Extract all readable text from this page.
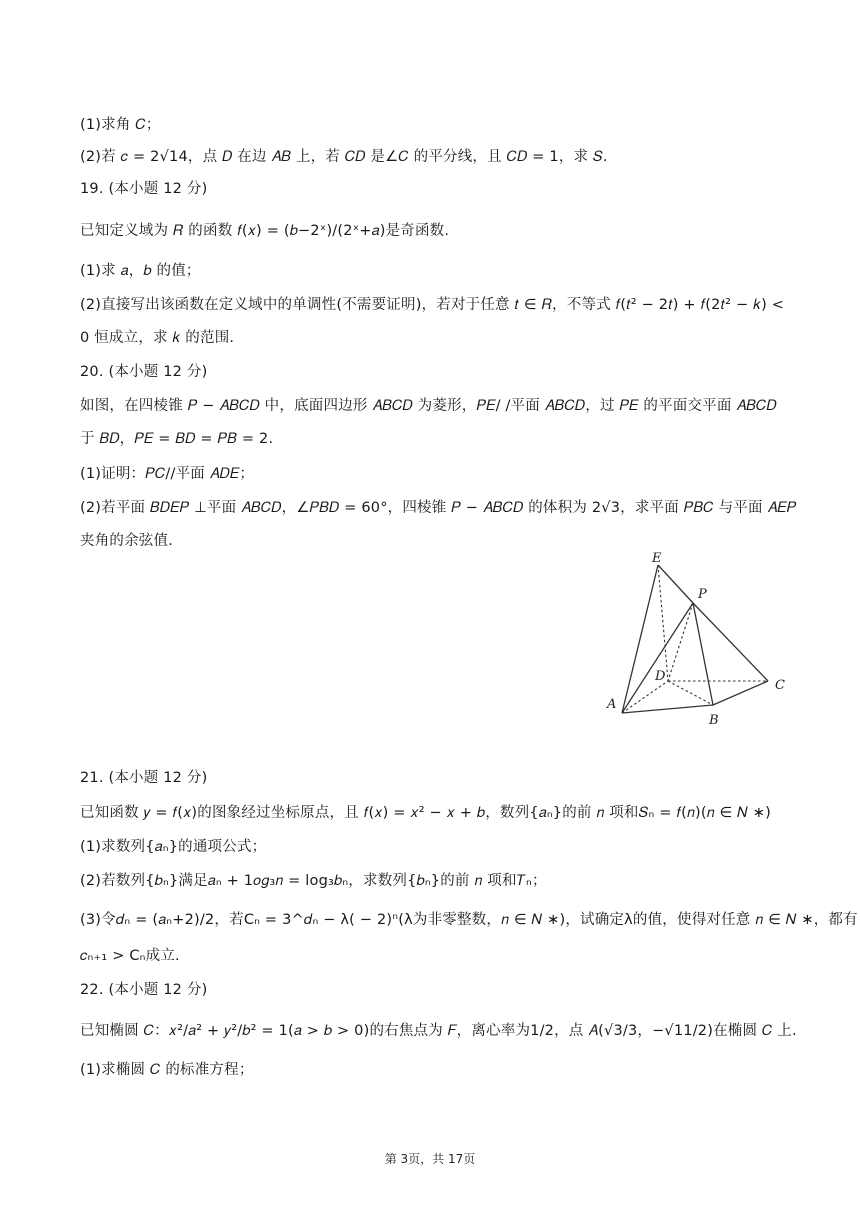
(1)求角 𝐶；
(2)若 𝑐 = 2√14，点 𝐷 在边 𝐴𝐵 上，若 𝐶𝐷 是∠𝐶 的平分线，且 𝐶𝐷 = 1，求 𝑆.
19. (本小题 12 分)
已知定义域为 𝑅 的函数 𝑓(𝑥) = (𝑏−2ˣ)/(2ˣ+𝑎)是奇函数.
(1)求 𝑎，𝑏 的值；
(2)直接写出该函数在定义域中的单调性(不需要证明)，若对于任意 𝑡 ∈ 𝑅，不等式 𝑓(𝑡² − 2𝑡) + 𝑓(2𝑡² − 𝑘) <
0 恒成立，求 𝑘 的范围.
20. (本小题 12 分)
如图，在四棱锥 𝑃 − 𝐴𝐵𝐶𝐷 中，底面四边形 𝐴𝐵𝐶𝐷 为菱形，𝑃𝐸/ /平面 𝐴𝐵𝐶𝐷，过 𝑃𝐸 的平面交平面 𝐴𝐵𝐶𝐷
于 𝐵𝐷，𝑃𝐸 = 𝐵𝐷 = 𝑃𝐵 = 2.
(1)证明：𝑃𝐶//平面 𝐴𝐷𝐸；
(2)若平面 𝐵𝐷𝐸𝑃 ⊥平面 𝐴𝐵𝐶𝐷，∠𝑃𝐵𝐷 = 60°，四棱锥 𝑃 − 𝐴𝐵𝐶𝐷 的体积为 2√3，求平面 𝑃𝐵𝐶 与平面 𝐴𝐸𝑃
夹角的余弦值.
E
P
D
C
A
B
21. (本小题 12 分)
已知函数 𝑦 = 𝑓(𝑥)的图象经过坐标原点，且 𝑓(𝑥) = 𝑥² − 𝑥 + 𝑏，数列{𝑎ₙ}的前 𝑛 项和𝑆ₙ = 𝑓(𝑛)(𝑛 ∈ 𝑁 ∗)
(1)求数列{𝑎ₙ}的通项公式；
(2)若数列{𝑏ₙ}满足𝑎ₙ + 1𝑜𝑔₃𝑛 = log₃𝑏ₙ，求数列{𝑏ₙ}的前 𝑛 项和𝑇ₙ；
(3)令𝑑ₙ = (𝑎ₙ+2)/2，若Cₙ = 3^𝑑ₙ − λ( − 2)ⁿ(λ为非零整数，𝑛 ∈ 𝑁 ∗)，试确定λ的值，使得对任意 𝑛 ∈ 𝑁 ∗，都有
𝑐ₙ₊₁ > Cₙ成立.
22. (本小题 12 分)
已知椭圆 𝐶：𝑥²/𝑎² + 𝑦²/𝑏² = 1(𝑎 > 𝑏 > 0)的右焦点为 𝐹，离心率为1/2，点 𝐴(√3/3，−√11/2)在椭圆 𝐶 上.
(1)求椭圆 𝐶 的标准方程；
第 3页，共 17页
